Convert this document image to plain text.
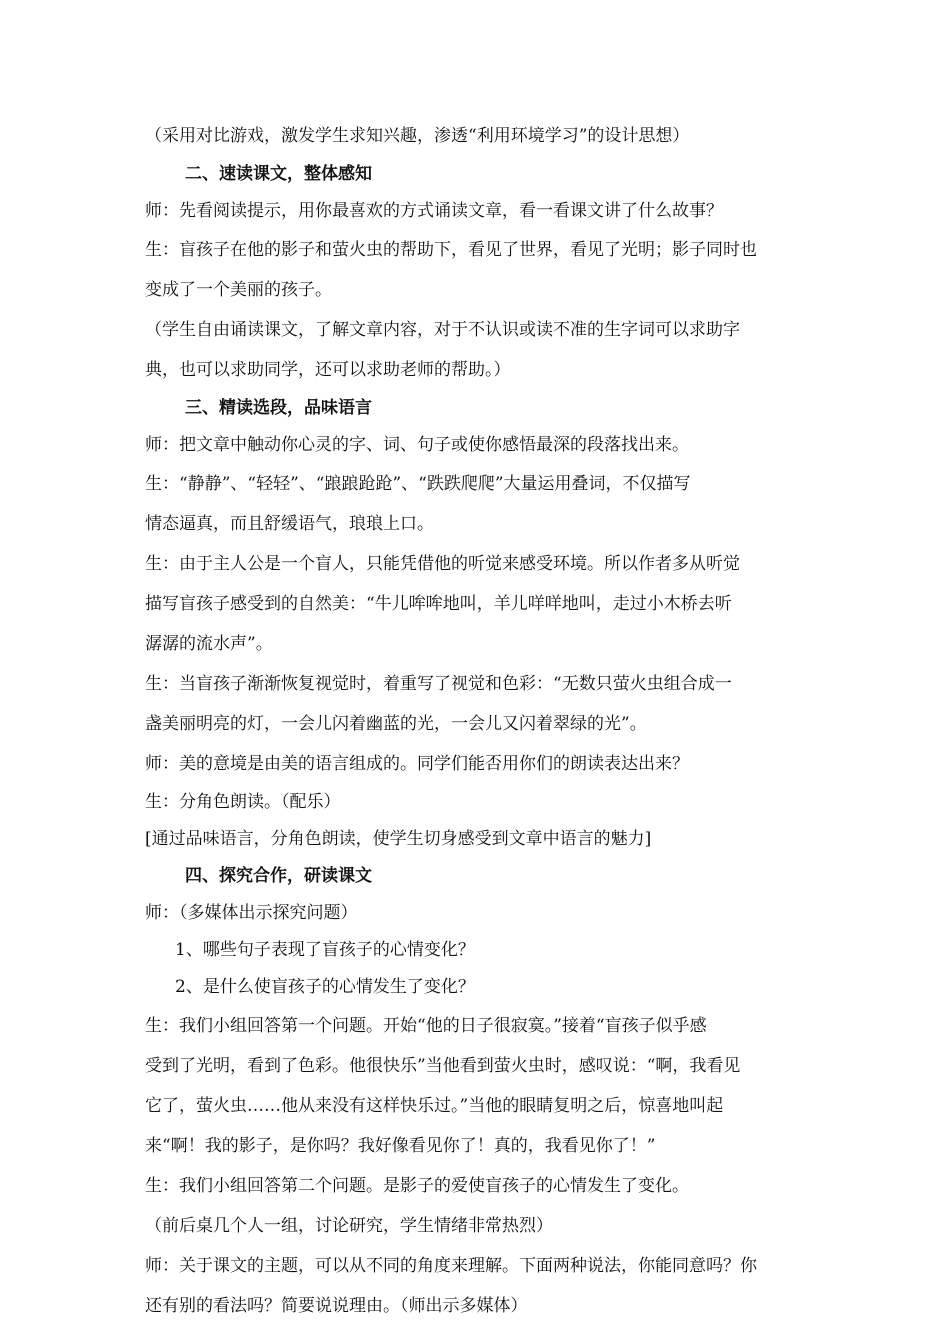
（采用对比游戏，激发学生求知兴趣，渗透“利用环境学习”的设计思想）
二、速读课文，整体感知
师：先看阅读提示，用你最喜欢的方式诵读文章，看一看课文讲了什么故事？
生：盲孩子在他的影子和萤火虫的帮助下，看见了世界，看见了光明；影子同时也
变成了一个美丽的孩子。
（学生自由诵读课文，了解文章内容，对于不认识或读不准的生字词可以求助字
典，也可以求助同学，还可以求助老师的帮助。）
三、精读选段，品味语言
师：把文章中触动你心灵的字、词、句子或使你感悟最深的段落找出来。
生：“静静”、“轻轻”、“踉踉跄跄”、“跌跌爬爬”大量运用叠词，不仅描写
情态逼真，而且舒缓语气，琅琅上口。
生：由于主人公是一个盲人，只能凭借他的听觉来感受环境。所以作者多从听觉
描写盲孩子感受到的自然美：“牛儿哞哞地叫，羊儿咩咩地叫，走过小木桥去听
潺潺的流水声”。
生：当盲孩子渐渐恢复视觉时，着重写了视觉和色彩：“无数只萤火虫组合成一
盏美丽明亮的灯，一会儿闪着幽蓝的光，一会儿又闪着翠绿的光”。
师：美的意境是由美的语言组成的。同学们能否用你们的朗读表达出来？
生：分角色朗读。（配乐）
[通过品味语言，分角色朗读，使学生切身感受到文章中语言的魅力]
四、探究合作，研读课文
师：（多媒体出示探究问题）
1、哪些句子表现了盲孩子的心情变化？
2、是什么使盲孩子的心情发生了变化？
生：我们小组回答第一个问题。开始“他的日子很寂寞。”接着“盲孩子似乎感
受到了光明，看到了色彩。他很快乐”当他看到萤火虫时，感叹说：“啊，我看见
它了，萤火虫……他从来没有这样快乐过。”当他的眼睛复明之后，惊喜地叫起
来“啊！我的影子，是你吗？我好像看见你了！真的，我看见你了！”
生：我们小组回答第二个问题。是影子的爱使盲孩子的心情发生了变化。
（前后桌几个人一组，讨论研究，学生情绪非常热烈）
师：关于课文的主题，可以从不同的角度来理解。下面两种说法，你能同意吗？你
还有别的看法吗？简要说说理由。（师出示多媒体）
